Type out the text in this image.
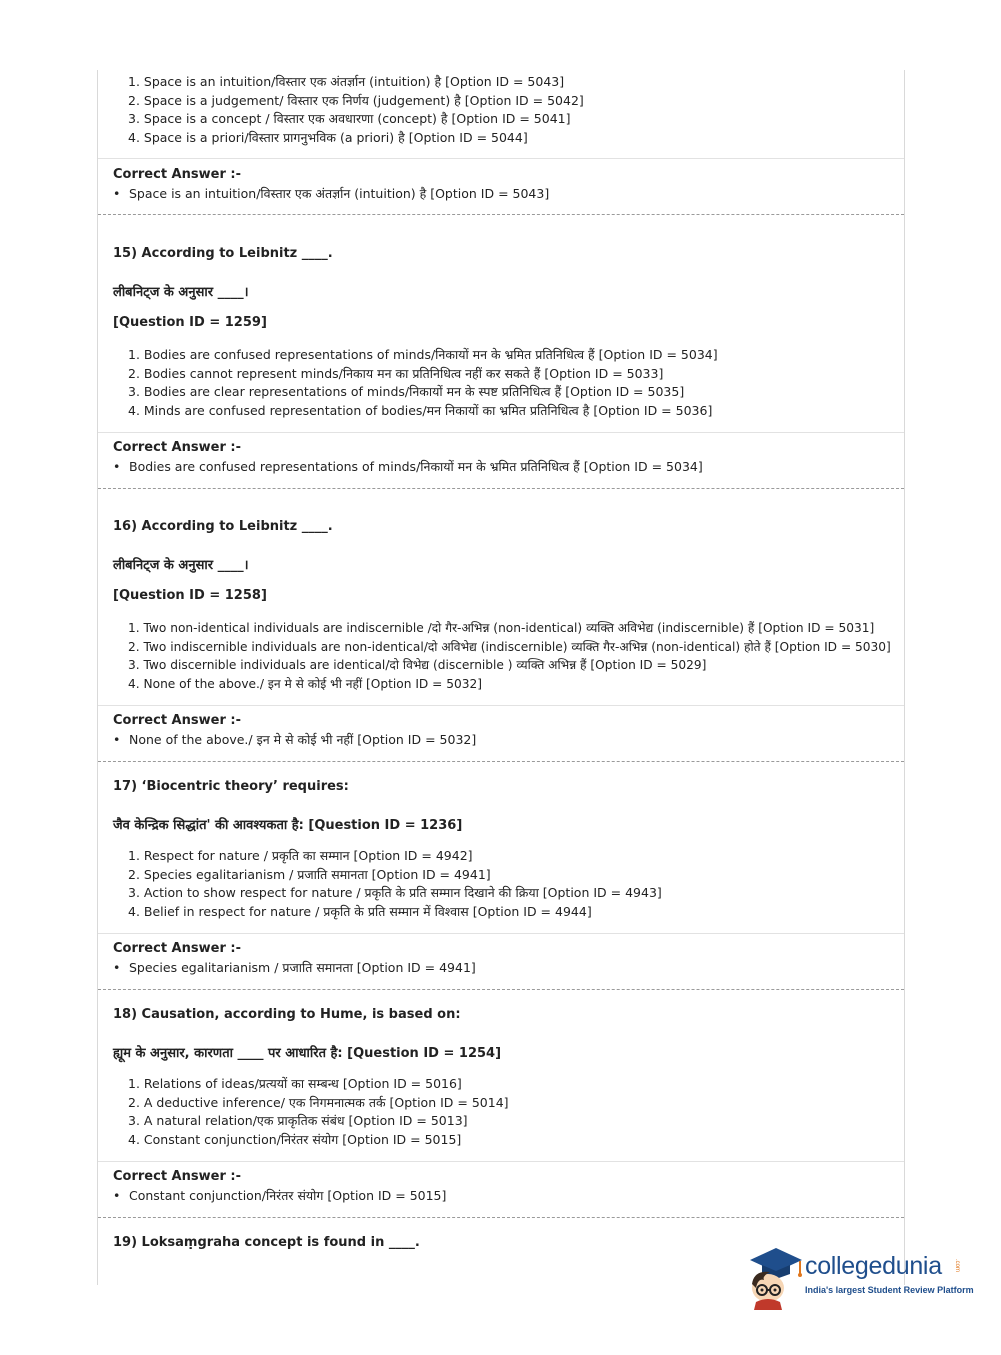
1. Space is an intuition/विस्तार एक अंतर्ज्ञान (intuition) है [Option ID = 5043]
2. Space is a judgement/ विस्तार एक निर्णय (judgement) है [Option ID = 5042]
3. Space is a concept / विस्तार एक अवधारणा (concept) है [Option ID = 5041]
4. Space is a priori/विस्तार प्रागनुभविक (a priori) है [Option ID = 5044]
Correct Answer :-
• Space is an intuition/विस्तार एक अंतर्ज्ञान (intuition) है [Option ID = 5043]
15) According to Leibnitz ____.
लीबनिट्ज के अनुसार ____।
[Question ID = 1259]
1. Bodies are confused representations of minds/निकायों मन के भ्रमित प्रतिनिधित्व हैं [Option ID = 5034]
2. Bodies cannot represent minds/निकाय मन का प्रतिनिधित्व नहीं कर सकते हैं [Option ID = 5033]
3. Bodies are clear representations of minds/निकायों मन के स्पष्ट प्रतिनिधित्व हैं [Option ID = 5035]
4. Minds are confused representation of bodies/मन निकायों का भ्रमित प्रतिनिधित्व है [Option ID = 5036]
Correct Answer :-
• Bodies are confused representations of minds/निकायों मन के भ्रमित प्रतिनिधित्व हैं [Option ID = 5034]
16) According to Leibnitz ____.
लीबनिट्ज के अनुसार ____।
[Question ID = 1258]
1. Two non-identical individuals are indiscernible /दो गैर-अभिन्न (non-identical) व्यक्ति अविभेद्य (indiscernible) हैं [Option ID = 5031]
2. Two indiscernible individuals are non-identical/दो अविभेद्य (indiscernible) व्यक्ति गैर-अभिन्न (non-identical) होते हैं [Option ID = 5030]
3. Two discernible individuals are identical/दो विभेद्य (discernible ) व्यक्ति अभिन्न हैं [Option ID = 5029]
4. None of the above./ इन मे से कोई भी नहीं [Option ID = 5032]
Correct Answer :-
• None of the above./ इन मे से कोई भी नहीं [Option ID = 5032]
17) ‘Biocentric theory’ requires:
जैव केन्द्रिक सिद्धांत' की आवश्यकता है: [Question ID = 1236]
1. Respect for nature / प्रकृति का सम्मान [Option ID = 4942]
2. Species egalitarianism / प्रजाति समानता [Option ID = 4941]
3. Action to show respect for nature / प्रकृति के प्रति सम्मान दिखाने की क्रिया [Option ID = 4943]
4. Belief in respect for nature / प्रकृति के प्रति सम्मान में विश्वास [Option ID = 4944]
Correct Answer :-
• Species egalitarianism / प्रजाति समानता [Option ID = 4941]
18) Causation, according to Hume, is based on:
ह्यूम के अनुसार, कारणता ____ पर आधारित है: [Question ID = 1254]
1. Relations of ideas/प्रत्ययों का सम्बन्ध [Option ID = 5016]
2. A deductive inference/ एक निगमनात्मक तर्क [Option ID = 5014]
3. A natural relation/एक प्राकृतिक संबंध [Option ID = 5013]
4. Constant conjunction/निरंतर संयोग [Option ID = 5015]
Correct Answer :-
• Constant conjunction/निरंतर संयोग [Option ID = 5015]
19) Loksaṃgraha concept is found in ____.
collegedunia .com
India's largest Student Review Platform
